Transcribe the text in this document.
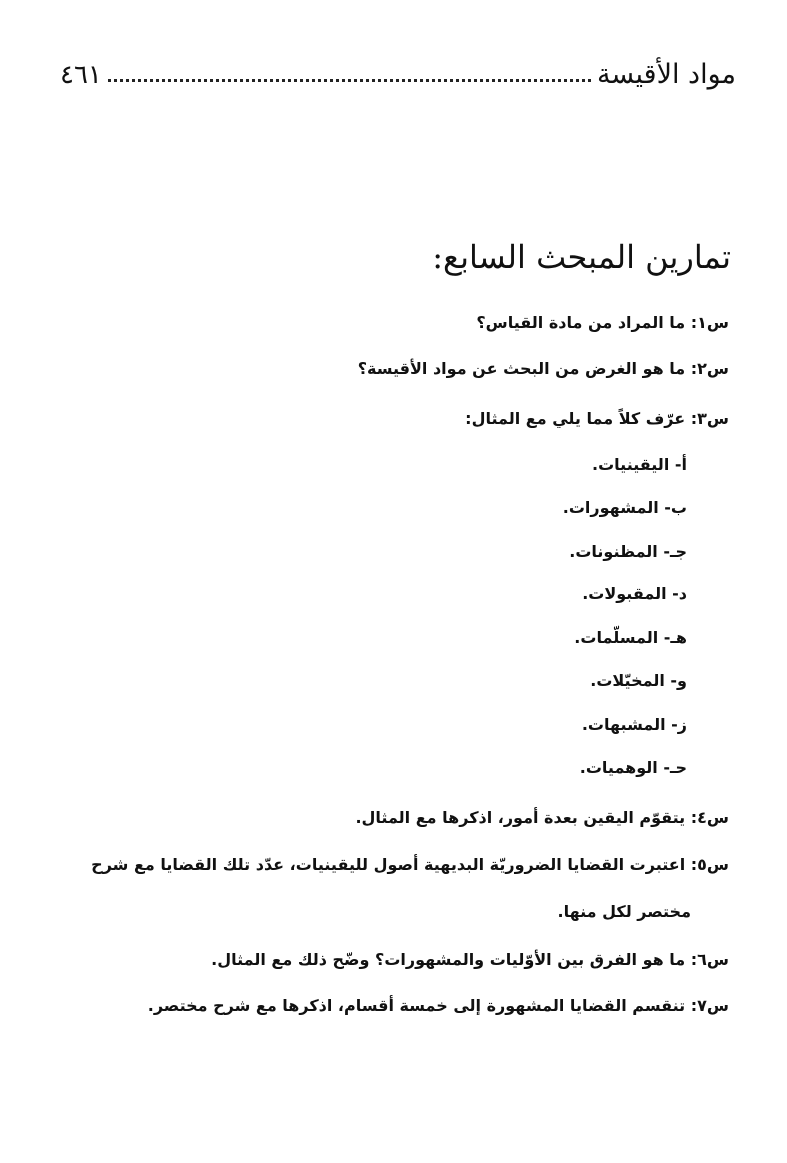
مواد الأقيسة
٤٦١
تمارين المبحث السابع:
س١: ما المراد من مادة القياس؟
س٢: ما هو الغرض من البحث عن مواد الأقيسة؟
س٣: عرّف كلاً مما يلي مع المثال:
أ- اليقينيات.
ب- المشهورات.
جـ- المظنونات.
د- المقبولات.
هـ- المسلّمات.
و- المخيّلات.
ز- المشبهات.
حـ- الوهميات.
س٤: يتقوّم اليقين بعدة أمور، اذكرها مع المثال.
س٥: اعتبرت القضايا الضروريّة البديهية أصول لليقينيات، عدّد تلك القضايا مع شرح
مختصر لكل منها.
س٦: ما هو الفرق بين الأوّليات والمشهورات؟ وضّح ذلك مع المثال.
س٧: تنقسم القضايا المشهورة إلى خمسة أقسام، اذكرها مع شرح مختصر.
